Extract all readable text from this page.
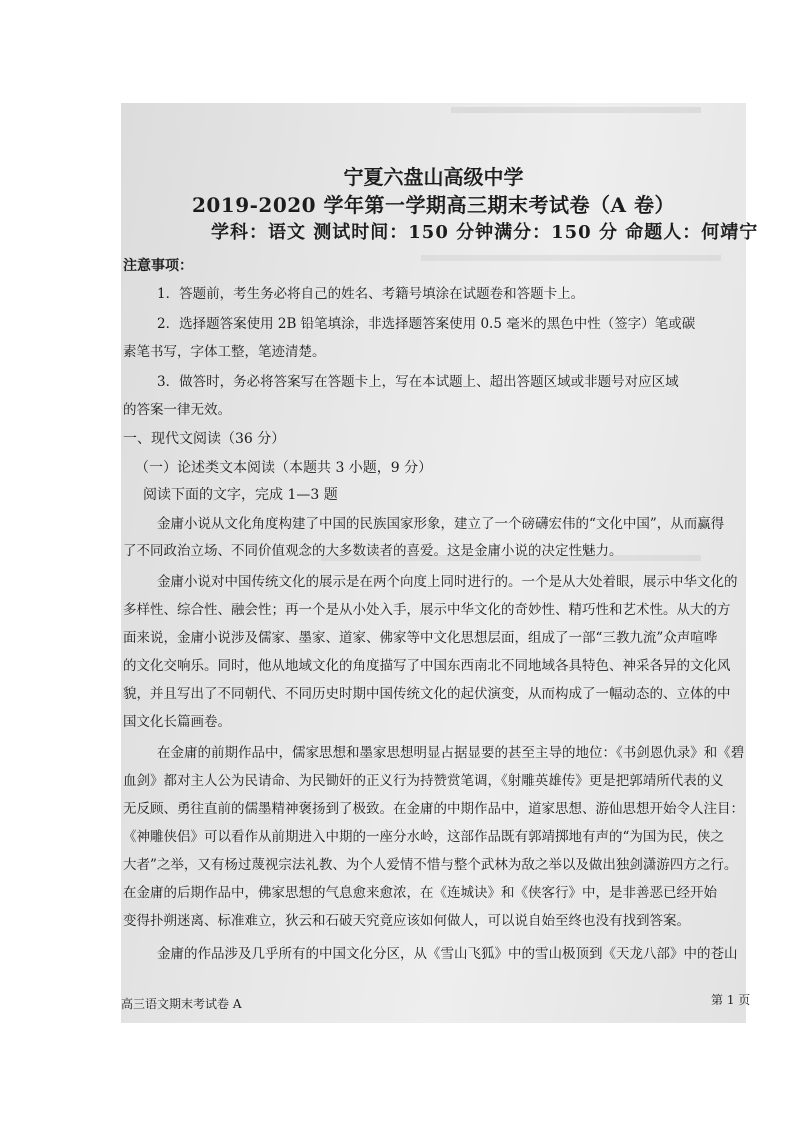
宁夏六盘山高级中学
2019-2020 学年第一学期高三期末考试卷（A 卷）
学科：语文 测试时间：150 分钟满分：150 分 命题人：何靖宁
注意事项：
1．答题前，考生务必将自己的姓名、考籍号填涂在试题卷和答题卡上。
2．选择题答案使用 2B 铅笔填涂，非选择题答案使用 0.5 毫米的黑色中性（签字）笔或碳
素笔书写，字体工整，笔迹清楚。
3．做答时，务必将答案写在答题卡上，写在本试题上、超出答题区域或非题号对应区域
的答案一律无效。
一、现代文阅读（36 分）
（一）论述类文本阅读（本题共 3 小题，9 分）
阅读下面的文字，完成 1—3 题
金庸小说从文化角度构建了中国的民族国家形象，建立了一个磅礴宏伟的“文化中国”，从而赢得
了不同政治立场、不同价值观念的大多数读者的喜爱。这是金庸小说的决定性魅力。
金庸小说对中国传统文化的展示是在两个向度上同时进行的。一个是从大处着眼，展示中华文化的
多样性、综合性、融会性；再一个是从小处入手，展示中华文化的奇妙性、精巧性和艺术性。从大的方
面来说，金庸小说涉及儒家、墨家、道家、佛家等中文化思想层面，组成了一部“三教九流”众声喧哗
的文化交响乐。同时，他从地域文化的角度描写了中国东西南北不同地域各具特色、神采各异的文化风
貌，并且写出了不同朝代、不同历史时期中国传统文化的起伏演变，从而构成了一幅动态的、立体的中
国文化长篇画卷。
在金庸的前期作品中，儒家思想和墨家思想明显占据显要的甚至主导的地位：《书剑恩仇录》和《碧
血剑》都对主人公为民请命、为民锄奸的正义行为持赞赏笔调，《射雕英雄传》更是把郭靖所代表的义
无反顾、勇往直前的儒墨精神褒扬到了极致。在金庸的中期作品中，道家思想、游仙思想开始令人注目：
《神雕侠侣》可以看作从前期进入中期的一座分水岭，这部作品既有郭靖掷地有声的“为国为民，侠之
大者”之举，又有杨过蔑视宗法礼教、为个人爱情不惜与整个武林为敌之举以及做出独剑潇游四方之行。
在金庸的后期作品中，佛家思想的气息愈来愈浓，在《连城诀》和《侠客行》中，是非善恶已经开始
变得扑朔迷离、标准难立，狄云和石破天究竟应该如何做人，可以说自始至终也没有找到答案。
金庸的作品涉及几乎所有的中国文化分区，从《雪山飞狐》中的雪山极顶到《天龙八部》中的苍山
高三语文期末考试卷 A	第 1 页
